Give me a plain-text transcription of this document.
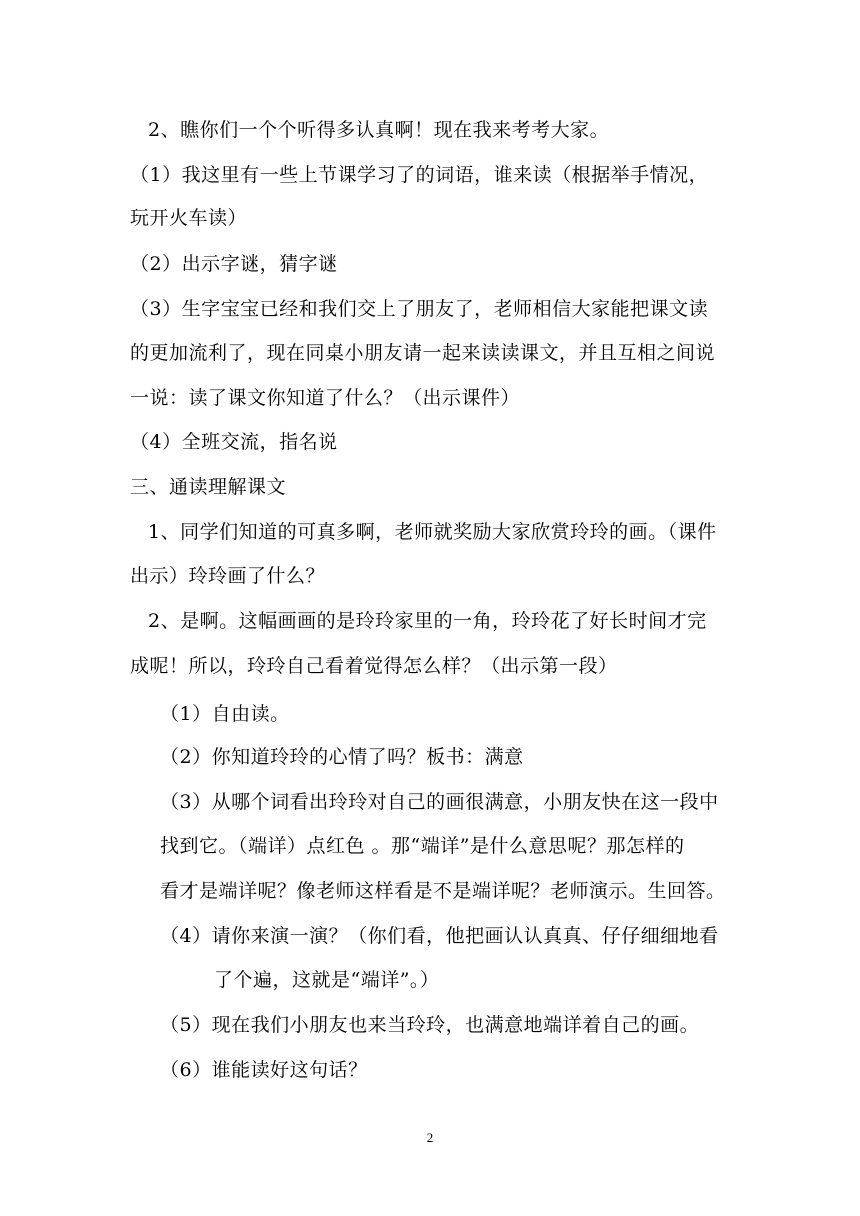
2、瞧你们一个个听得多认真啊！现在我来考考大家。
（1）我这里有一些上节课学习了的词语，谁来读（根据举手情况，
玩开火车读）
（2）出示字谜，猜字谜
（3）生字宝宝已经和我们交上了朋友了，老师相信大家能把课文读
的更加流利了，现在同桌小朋友请一起来读读课文，并且互相之间说
一说：读了课文你知道了什么？（出示课件）
（4）全班交流，指名说
三、通读理解课文
1、同学们知道的可真多啊，老师就奖励大家欣赏玲玲的画。（课件
出示）玲玲画了什么？
2、是啊。这幅画画的是玲玲家里的一角，玲玲花了好长时间才完
成呢！所以，玲玲自己看着觉得怎么样？（出示第一段）
（1）自由读。
（2）你知道玲玲的心情了吗？板书：满意
（3）从哪个词看出玲玲对自己的画很满意，小朋友快在这一段中
找到它。（端详）点红色 。那“端详”是什么意思呢？那怎样的
看才是端详呢？像老师这样看是不是端详呢？老师演示。生回答。
（4）请你来演一演？（你们看，他把画认认真真、仔仔细细地看
了个遍，这就是“端详”。）
（5）现在我们小朋友也来当玲玲，也满意地端详着自己的画。
（6）谁能读好这句话？
2
